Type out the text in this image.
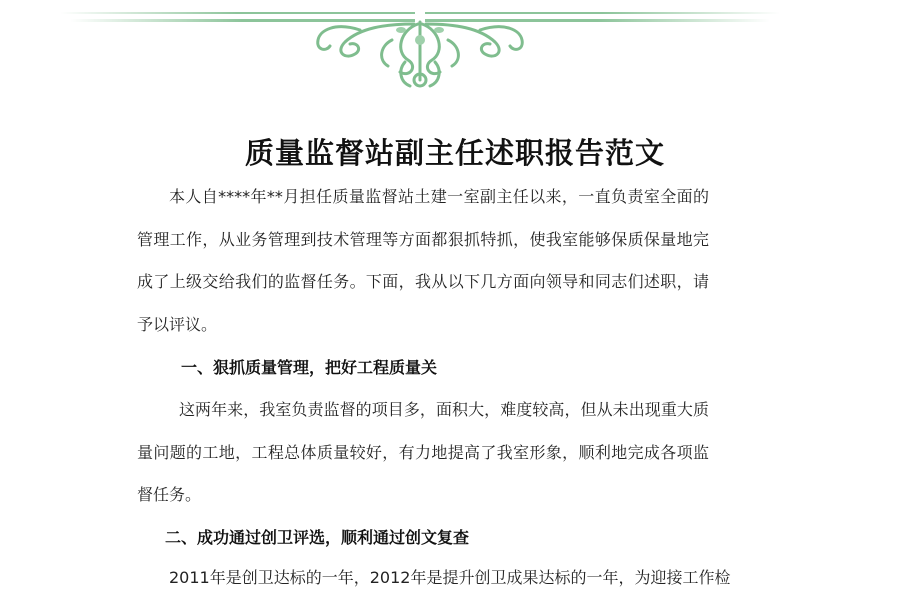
质量监督站副主任述职报告范文

本人自****年**月担任质量监督站土建一室副主任以来，一直负责室全面的管理工作，从业务管理到技术管理等方面都狠抓特抓，使我室能够保质保量地完成了上级交给我们的监督任务。下面，我从以下几方面向领导和同志们述职，请予以评议。

一、狠抓质量管理，把好工程质量关

这两年来，我室负责监督的项目多，面积大，难度较高，但从未出现重大质量问题的工地，工程总体质量较好，有力地提高了我室形象，顺利地完成各项监督任务。

二、成功通过创卫评选，顺利通过创文复查

2011年是创卫达标的一年，2012年是提升创卫成果达标的一年，为迎接工作检
